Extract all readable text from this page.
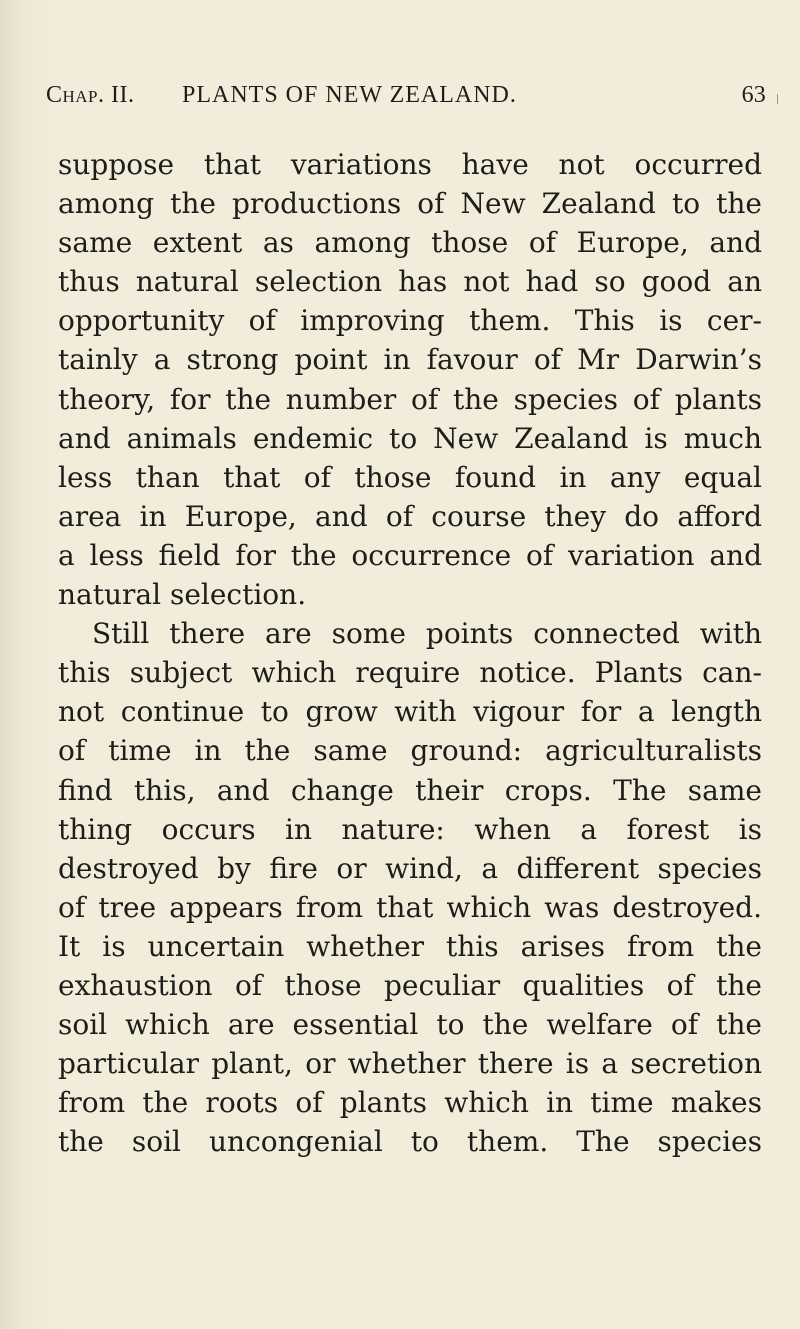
Chap. II. PLANTS OF NEW ZEALAND.	63
suppose that variations have not occurred
among the productions of New Zealand to the
same extent as among those of Europe, and
thus natural selection has not had so good an
opportunity of improving them. This is cer-
tainly a strong point in favour of Mr Darwin’s
theory, for the number of the species of plants
and animals endemic to New Zealand is much
less than that of those found in any equal
area in Europe, and of course they do afford
a less field for the occurrence of variation and
natural selection.
Still there are some points connected with
this subject which require notice. Plants can-
not continue to grow with vigour for a length
of time in the same ground: agriculturalists
find this, and change their crops. The same
thing occurs in nature: when a forest is
destroyed by fire or wind, a different species
of tree appears from that which was destroyed.
It is uncertain whether this arises from the
exhaustion of those peculiar qualities of the
soil which are essential to the welfare of the
particular plant, or whether there is a secretion
from the roots of plants which in time makes
the soil uncongenial to them. The species
